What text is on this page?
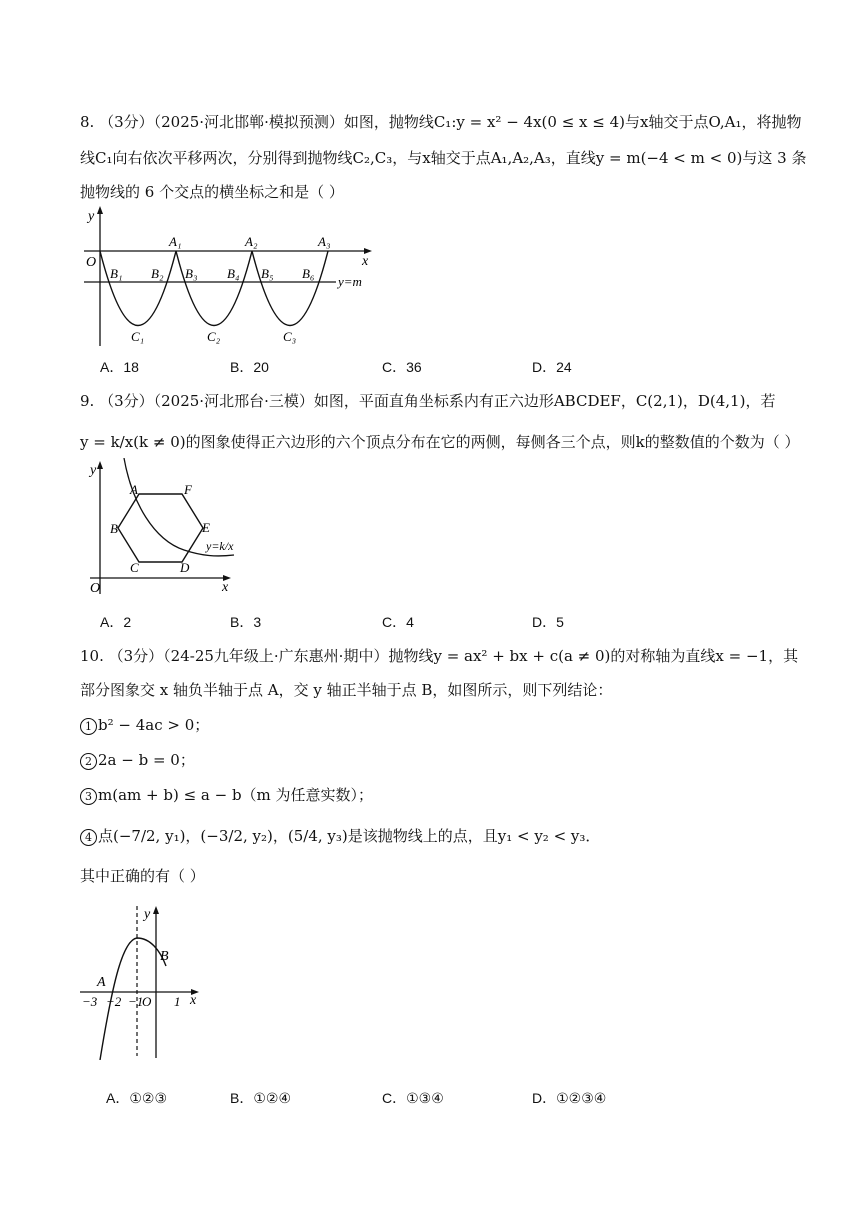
8. （3分）（2025·河北邯郸·模拟预测）如图，抛物线C₁:y = x² − 4x(0 ≤ x ≤ 4)与x轴交于点O,A₁，将抛物
线C₁向右依次平移两次，分别得到抛物线C₂,C₃，与x轴交于点A₁,A₂,A₃，直线y = m(−4 < m < 0)与这 3 条
抛物线的 6 个交点的横坐标之和是（ ）
y
x
O
A₁	A₂	A₃
B₁ B₂ B₃ B₄ B₅ B₆
y=m
C₁	C₂	C₃
A．18	B．20	C．36	D．24
9. （3分）（2025·河北邢台·三模）如图，平面直角坐标系内有正六边形ABCDEF，C(2,1)，D(4,1)，若
y = k/x(k ≠ 0)的图象使得正六边形的六个顶点分布在它的两侧，每侧各三个点，则k的整数值的个数为（ ）
y
x
O
A
B
C	D
E
F
y=k/x
A．2	B．3	C．4	D．5
10. （3分）（24-25九年级上·广东惠州·期中）抛物线y = ax² + bx + c(a ≠ 0)的对称轴为直线x = −1，其
部分图象交 x 轴负半轴于点 A，交 y 轴正半轴于点 B，如图所示，则下列结论：
1 b² − 4ac > 0；
2 2a − b = 0；
3 m(am + b) ≤ a − b（m 为任意实数）；
4 点(−7/2, y₁)，(−3/2, y₂)，(5/4, y₃)是该抛物线上的点，且y₁ < y₂ < y₃．
其中正确的有（ ）
y
x
O
A
B
−3 −2 −1 1
A．①②③	B．①②④	C．①③④	D．①②③④
